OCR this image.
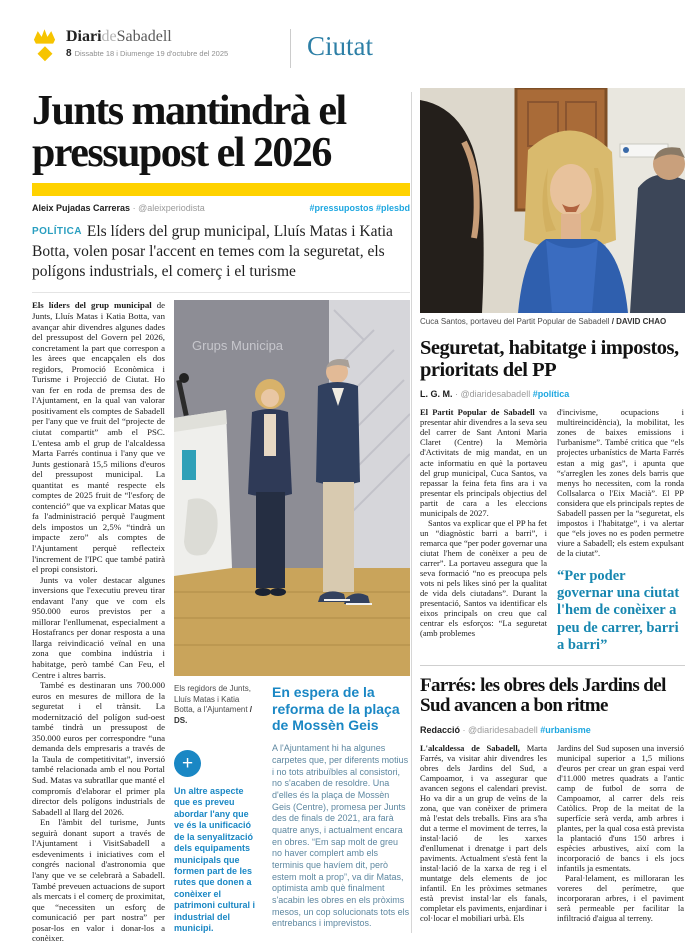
DiarideSabadell
8 Dissabte 18 i Diumenge 19 d'octubre del 2025	Ciutat
Junts mantindrà el pressupost el 2026
Aleix Pujadas Carreras · @aleixperiodista	#pressupostos #plesbd
POLÍTICA Els líders del grup municipal, Lluís Matas i Katia Botta, volen posar l'accent en temes com la seguretat, els polígons industrials, el comerç i el turisme

Els líders del grup municipal de Junts, Lluís Matas i Katia Botta, van avançar ahir divendres algunes dades del pressupost del Govern pel 2026, concretament la part que correspon a les àrees que encapçalen els dos regidors, Promoció Econòmica i Turisme i Projecció de Ciutat. Ho van fer en roda de premsa des de l'Ajuntament, en la qual van valorar positivament els comptes de Sabadell per l'any que ve fruit del “projecte de ciutat compartit” amb el PSC. L'entesa amb el grup de l'alcaldessa Marta Farrés continua i l'any que ve Junts gestionarà 15,5 milions d'euros del pressupost municipal. La quantitat es manté respecte els comptes de 2025 fruit de “l'esforç de contenció” que va explicar Matas que fa l'administració perquè l'augment dels impostos un 2,5% “tindrà un impacte zero” als comptes de l'Ajuntament perquè reflecteix l'increment de l'IPC que també patirà el propi consistori.

Junts va voler destacar algunes inversions que l'executiu preveu tirar endavant l'any que ve com els 950.000 euros previstos per a millorar l'enllumenat, especialment a Hostafrancs per donar resposta a una llarga reivindicació veïnal en una zona que combina indústria i habitatge, però també Can Feu, el Centre i altres barris.

També es destinaran uns 700.000 euros en mesures de millora de la seguretat i el trànsit. La modernització del polígon sud-oest també tindrà un pressupost de 350.000 euros per correspondre “una demanda dels empresaris a través de la Taula de competitivitat”, inversió també relacionada amb el nou Portal Sud. Matas va subratllar que manté el compromís d'elaborar el primer pla director dels polígons industrials de Sabadell al llarg del 2026.

En l'àmbit del turisme, Junts seguirà donant suport a través de l'Ajuntament i VisitSabadell a esdeveniments i iniciatives com el congrés nacional d'astronomia que l'any que ve se celebrarà a Sabadell. També preveuen actuacions de suport als mercats i el comerç de proximitat, que “necessiten un esforç de comunicació per part nostra” per posar-los en valor i donar-los a conèixer.

Grups Municipa
Els regidors de Junts, Lluís Matas i Katia Botta, a l'Ajuntament / DS.
+
Un altre aspecte que es preveu abordar l'any que ve és la unificació de la senyalització dels equipaments municipals que formen part de les rutes que donen a conèixer el patrimoni cultural i industrial del municipi.
En espera de la reforma de la plaça de Mossèn Geis
A l'Ajuntament hi ha algunes carpetes que, per diferents motius i no tots atribuïbles al consistori, no s'acaben de resoldre. Una d'elles és la plaça de Mossèn Geis (Centre), promesa per Junts des de finals de 2021, ara farà quatre anys, i actualment encara en obres. “Em sap molt de greu no haver complert amb els terminis que havíem dit, però estem molt a prop”, va dir Matas, optimista amb què finalment s'acabin les obres en els pròxims mesos, un cop solucionats tots els entrebancs i imprevistos.
Cuca Santos, portaveu del Partit Popular de Sabadell / DAVID CHAO
Seguretat, habitatge i impostos, prioritats del PP
L. G. M. · @diaridesabadell #política

El Partit Popular de Sabadell va presentar ahir divendres a la seva seu del carrer de Sant Antoni Maria Claret (Centre) la Memòria d'Activitats de mig mandat, en un acte informatiu en què la portaveu del grup municipal, Cuca Santos, va repassar la feina feta fins ara i va presentar els principals objectius del partit de cara a les eleccions municipals de 2027.

Santos va explicar que el PP ha fet un “diagnòstic barri a barri”, i remarca que “per poder governar una ciutat l'hem de conèixer a peu de carrer”. La portaveu assegura que la seva formació “no es preocupa pels vots ni pels likes sinó per la qualitat de vida dels ciutadans”. Durant la presentació, Santos va identificar els eixos principals on creu que cal centrar els esforços: “La seguretat (amb problemes

d'incivisme, ocupacions i multireincidència), la mobilitat, les zones de baixes emissions i l'urbanisme”. També critica que “els projectes urbanístics de Marta Farrés estan a mig gas”, i apunta que “s'arreglen les zones dels barris que menys ho necessiten, com la ronda Collsalarca o l'Eix Macià”. El PP considera que els principals reptes de Sabadell passen per la “seguretat, els impostos i l'habitatge”, i va alertar que “els joves no es poden permetre viure a Sabadell; els estem expulsant de la ciutat”.
“Per poder governar una ciutat l'hem de conèixer a peu de carrer, barri a barri”
Farrés: les obres dels Jardins del Sud avancen a bon ritme
Redacció · @diaridesabadell #urbanisme

L'alcaldessa de Sabadell, Marta Farrés, va visitar ahir divendres les obres dels Jardins del Sud, a Campoamor, i va assegurar que avancen segons el calendari previst. Ho va dir a un grup de veïns de la zona, que van conèixer de primera mà l'estat dels treballs. Fins ara s'ha dut a terme el moviment de terres, la instal·lació de les xarxes d'enllumenat i drenatge i part dels paviments. Actualment s'està fent la instal·lació de la xarxa de reg i el muntatge dels elements de joc infantil. En les pròximes setmanes està previst instal·lar els fanals, completar els paviments, enjardinar i col·locar el mobiliari urbà. Els

Jardins del Sud suposen una inversió municipal superior a 1,5 milions d'euros per crear un gran espai verd d'11.000 metres quadrats a l'antic camp de futbol de sorra de Campoamor, al carrer dels reis Catòlics. Prop de la meitat de la superfície serà verda, amb arbres i plantes, per la qual cosa està prevista la plantació d'uns 150 arbres i espècies arbustives, així com la incorporació de bancs i els jocs infantils ja esmentats.

Paral·lelament, es milloraran les voreres del perímetre, que incorporaran arbres, i el paviment serà permeable per facilitar la infiltració d'aigua al terreny.
